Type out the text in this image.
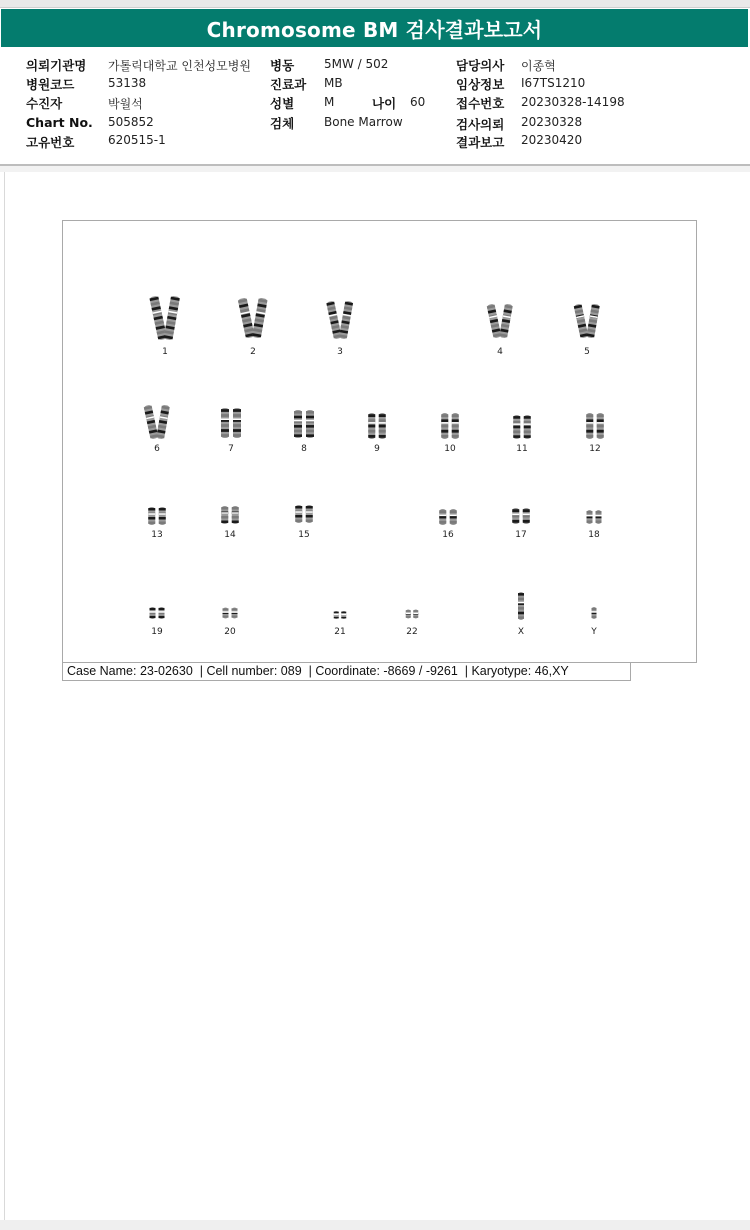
Chromosome BM 검사결과보고서
의뢰기관명 가톨릭대학교 인천성모병원 병동 5MW / 502	담당의사 이종혁
병원코드	53138	진료과 MB	임상정보 I67TS1210
수진자	박월석	성별 M	나이 60 접수번호 20230328-14198
Chart No. 505852	검체 Bone Marrow	검사의뢰 20230328
고유번호	620515-1	결과보고 20230420
1	2	3	4	5
6	7	8	9	10	11	12
13	14	15	16	17	18
19	20	21	22	X	Y
Case Name: 23-02630 | Cell number: 089 | Coordinate: -8669 / -9261 | Karyotype: 46,XY
